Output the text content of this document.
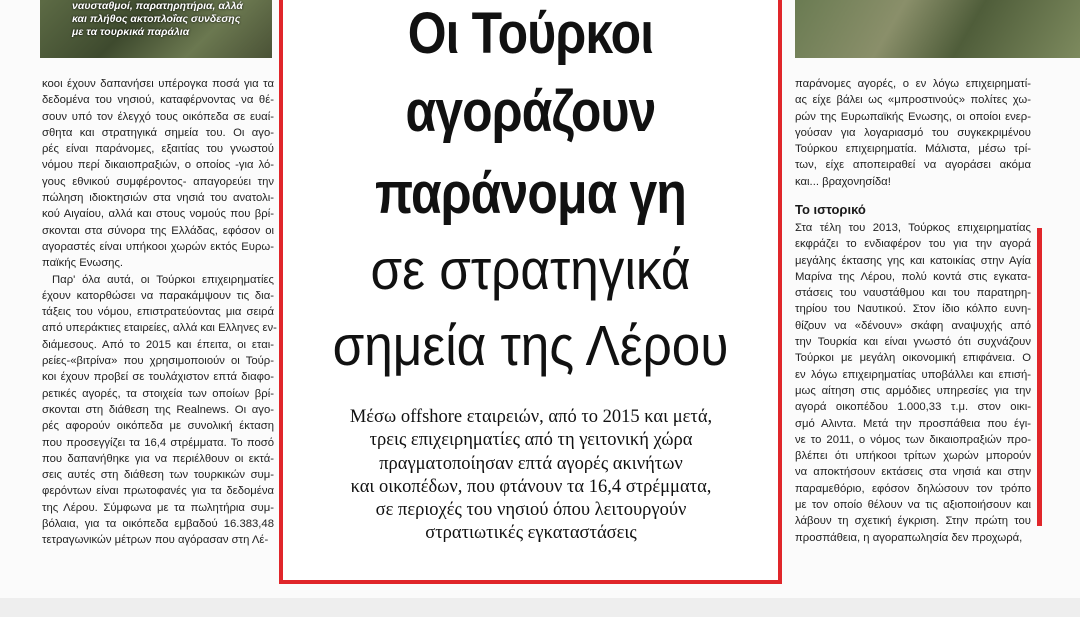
ναυσταθμοί, παρατηρητήρια, αλλά
και πλήθος ακτοπλοΐας συνδεσης
με τα τουρκικά παράλια
κοοι έχουν δαπανήσει υπέρογκα ποσά για τα
δεδομένα του νησιού, καταφέρνοντας να θέ-
σουν υπό τον έλεγχό τους οικόπεδα σε ευαί-
σθητα και στρατηγικά σημεία του. Οι αγο-
ρές είναι παράνομες, εξαιτίας του γνωστού
νόμου περί δικαιοπραξιών, ο οποίος -για λό-
γους εθνικού συμφέροντος- απαγορεύει την
πώληση ιδιοκτησιών στα νησιά του ανατολι-
κού Αιγαίου, αλλά και στους νομούς που βρί-
σκονται στα σύνορα της Ελλάδας, εφόσον οι
αγοραστές είναι υπήκοοι χωρών εκτός Ευρω-
παϊκής Ενωσης.
Παρ' όλα αυτά, οι Τούρκοι επιχειρηματίες
έχουν κατορθώσει να παρακάμψουν τις δια-
τάξεις του νόμου, επιστρατεύοντας μια σειρά
από υπεράκτιες εταιρείες, αλλά και Ελληνες εν-
διάμεσους. Από το 2015 και έπειτα, οι εται-
ρείες-«βιτρίνα» που χρησιμοποιούν οι Τούρ-
κοι έχουν προβεί σε τουλάχιστον επτά διαφο-
ρετικές αγορές, τα στοιχεία των οποίων βρί-
σκονται στη διάθεση της Realnews. Οι αγο-
ρές αφορούν οικόπεδα με συνολική έκταση
που προσεγγίζει τα 16,4 στρέμματα. Το ποσό
που δαπανήθηκε για να περιέλθουν οι εκτά-
σεις αυτές στη διάθεση των τουρκικών συμ-
φερόντων είναι πρωτοφανές για τα δεδομένα
της Λέρου. Σύμφωνα με τα πωλητήρια συμ-
βόλαια, για τα οικόπεδα εμβαδού 16.383,48
τετραγωνικών μέτρων που αγόρασαν στη Λέ-
παράνομες αγορές, ο εν λόγω επιχειρηματί-
ας είχε βάλει ως «μπροστινούς» πολίτες χω-
ρών της Ευρωπαϊκής Ενωσης, οι οποίοι ενερ-
γούσαν για λογαριασμό του συγκεκριμένου
Τούρκου επιχειρηματία. Μάλιστα, μέσω τρί-
των, είχε αποπειραθεί να αγοράσει ακόμα
και... βραχονησίδα!
Το ιστορικό
Στα τέλη του 2013, Τούρκος επιχειρηματίας
εκφράζει το ενδιαφέρον του για την αγορά
μεγάλης έκτασης γης και κατοικίας στην Αγία
Μαρίνα της Λέρου, πολύ κοντά στις εγκατα-
στάσεις του ναυστάθμου και του παρατηρη-
τηρίου του Ναυτικού. Στον ίδιο κόλπο ευνη-
θίζουν να «δένουν» σκάφη αναψυχής από
την Τουρκία και είναι γνωστό ότι συχνάζουν
Τούρκοι με μεγάλη οικονομική επιφάνεια. Ο
εν λόγω επιχειρηματίας υποβάλλει και επισή-
μως αίτηση στις αρμόδιες υπηρεσίες για την
αγορά οικοπέδου 1.000,33 τ.μ. στον οικι-
σμό Αλιντα. Μετά την προσπάθεια που έγι-
νε το 2011, ο νόμος των δικαιοπραξιών προ-
βλέπει ότι υπήκοοι τρίτων χωρών μπορούν
να αποκτήσουν εκτάσεις στα νησιά και στην
παραμεθόριο, εφόσον δηλώσουν τον τρόπο
με τον οποίο θέλουν να τις αξιοποιήσουν και
λάβουν τη σχετική έγκριση. Στην πρώτη του
προσπάθεια, η αγοραπωλησία δεν προχωρά,
Οι Τούρκοι
αγοράζουν
παράνομα γη
σε στρατηγικά
σημεία της Λέρου
Μέσω offshore εταιρειών, από το 2015 και μετά,
τρεις επιχειρηματίες από τη γειτονική χώρα
πραγματοποίησαν επτά αγορές ακινήτων
και οικοπέδων, που φτάνουν τα 16,4 στρέμματα,
σε περιοχές του νησιού όπου λειτουργούν
στρατιωτικές εγκαταστάσεις
